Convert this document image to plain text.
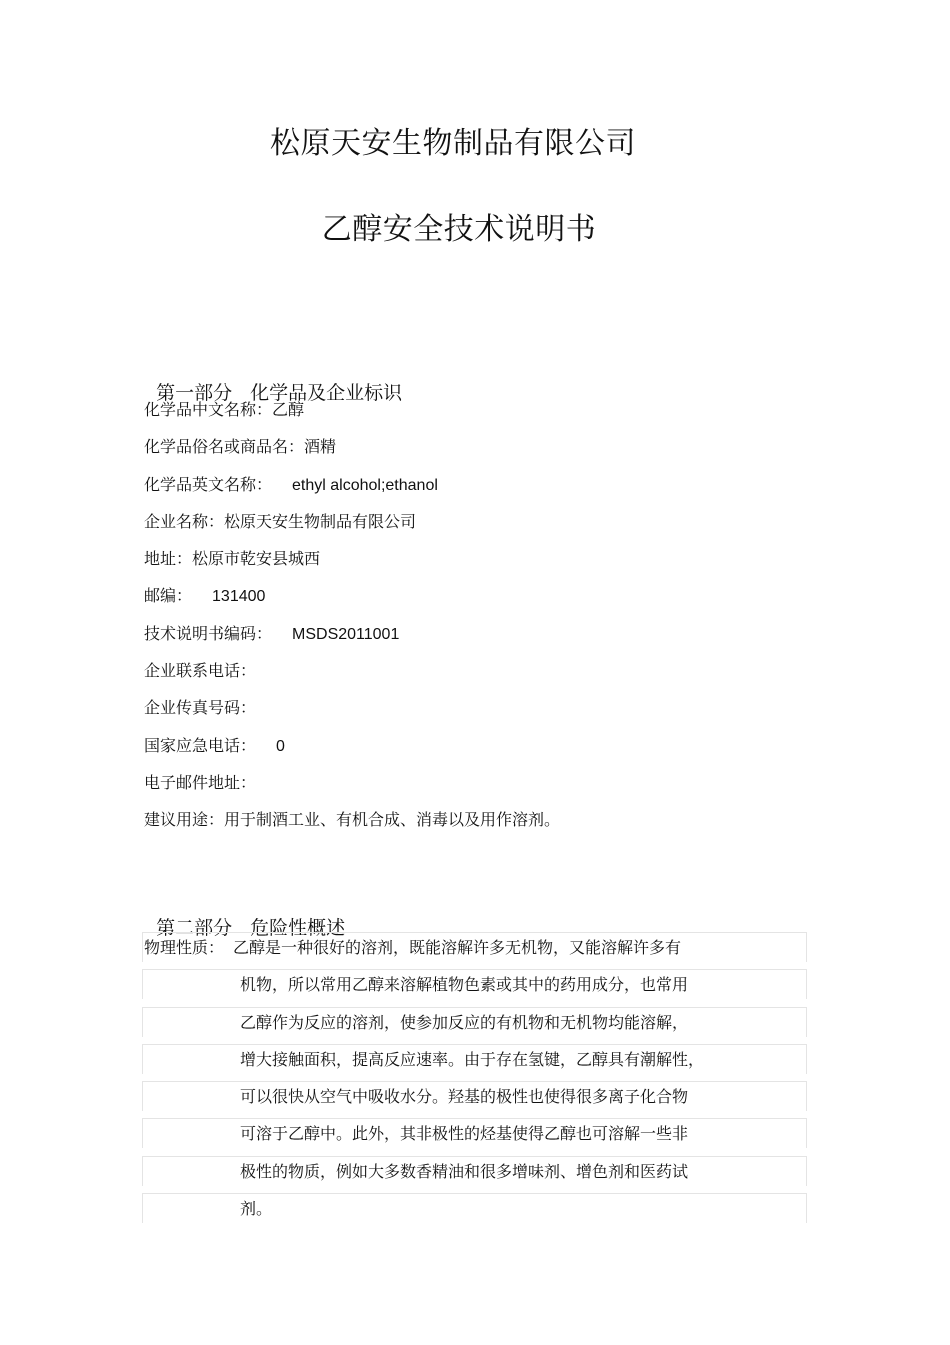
松原天安生物制品有限公司
乙醇安全技术说明书

第一部分 化学品及企业标识

化学品中文名称：乙醇
化学品俗名或商品名：酒精
化学品英文名称： ethyl alcohol;ethanol
企业名称：松原天安生物制品有限公司
地址：松原市乾安县城西
邮编： 131400
技术说明书编码： MSDS2011001
企业联系电话：
企业传真号码：
国家应急电话： 0
电子邮件地址：
建议用途：用于制酒工业、有机合成、消毒以及用作溶剂。

第二部分 危险性概述

物理性质： 乙醇是一种很好的溶剂，既能溶解许多无机物，又能溶解许多有
机物，所以常用乙醇来溶解植物色素或其中的药用成分，也常用
乙醇作为反应的溶剂，使参加反应的有机物和无机物均能溶解，
增大接触面积，提高反应速率。由于存在氢键，乙醇具有潮解性，
可以很快从空气中吸收水分。羟基的极性也使得很多离子化合物
可溶于乙醇中。此外，其非极性的烃基使得乙醇也可溶解一些非
极性的物质，例如大多数香精油和很多增味剂、增色剂和医药试
剂。
